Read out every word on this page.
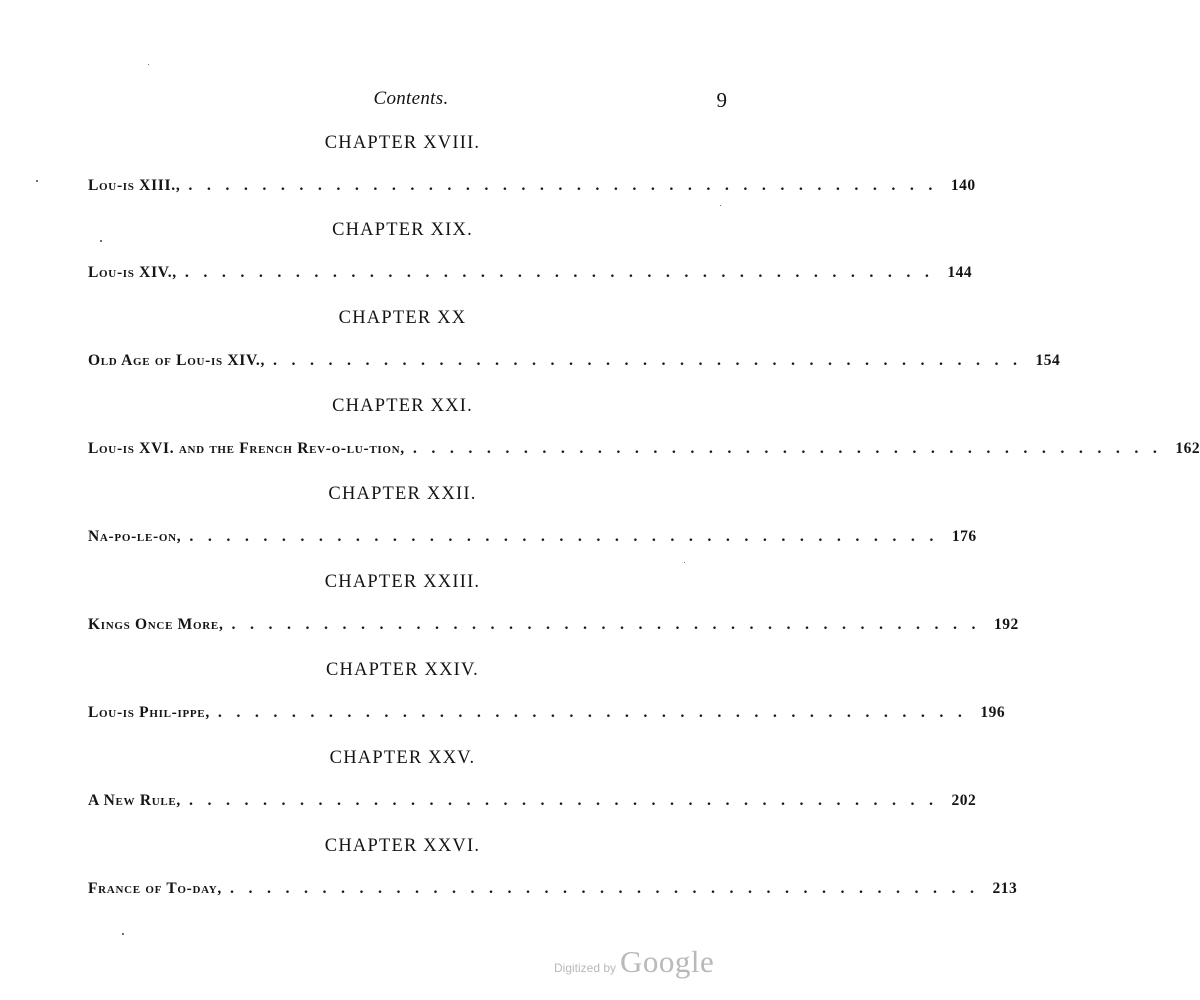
Contents.	9
CHAPTER XVIII.
Lou-is XIII., ......................................... 140
CHAPTER XIX.
Lou-is XIV., ......................................... 144
CHAPTER XX
Old Age of Lou-is XIV., ......................................... 154
CHAPTER XXI.
Lou-is XVI. and the French Rev-o-lu-tion, ......................................... 162
CHAPTER XXII.
Na-po-le-on, ......................................... 176
CHAPTER XXIII.
Kings Once More, ......................................... 192
CHAPTER XXIV.
Lou-is Phil-ippe, ......................................... 196
CHAPTER XXV.
A New Rule, ......................................... 202
CHAPTER XXVI.
France of To-day, ......................................... 213
Digitized by Google
